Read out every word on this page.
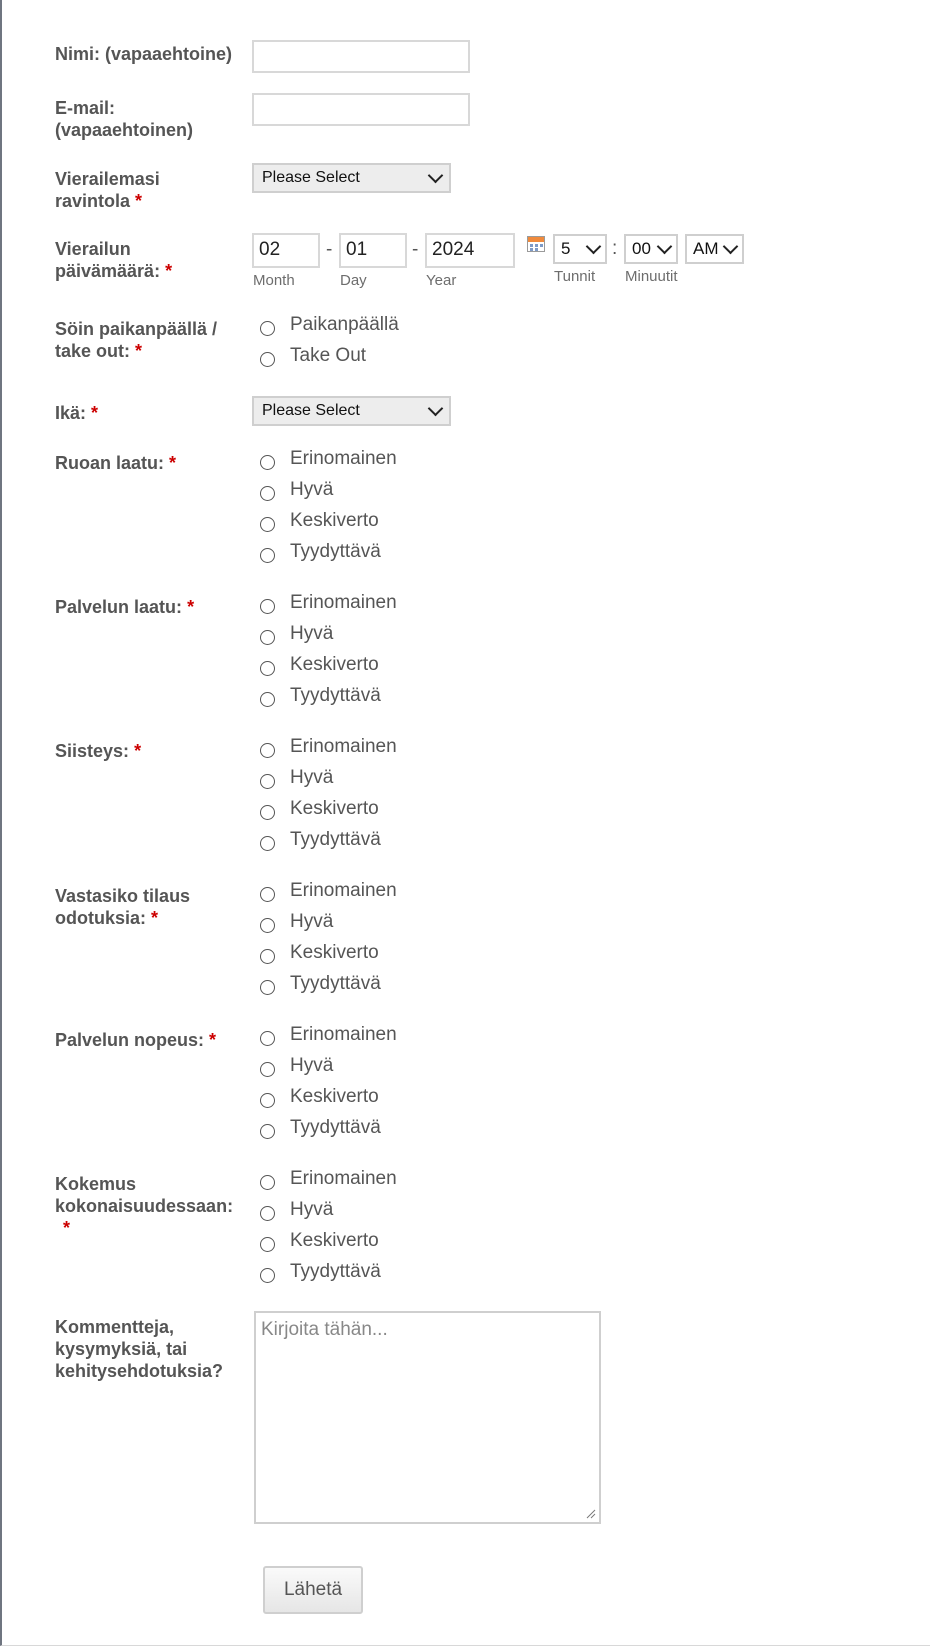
Nimi: (vapaaehtoine)
E-mail: (vapaaehtoinen)
Vierailemasi ravintola *
Please Select
Vierailun päivämäärä: *
02	- 01	- 2024
Month	Day	Year
5 : 00 AM
Tunnit Minuutit
Söin paikanpäällä / take out: *
Paikanpäällä
Take Out
Ikä: *	Please Select
Ruoan laatu: *	Erinomainen
Hyvä
Keskiverto
Tyydyttävä
Palvelun laatu: *	Erinomainen
Hyvä
Keskiverto
Tyydyttävä
Siisteys: *	Erinomainen
Hyvä
Keskiverto
Tyydyttävä
Vastasiko tilaus odotuksia: *
Erinomainen
Hyvä
Keskiverto
Tyydyttävä
Palvelun nopeus: *	Erinomainen
Hyvä
Keskiverto
Tyydyttävä
Kokemus kokonaisuudessaan:
*
Erinomainen
Hyvä
Keskiverto
Tyydyttävä
Kommentteja, kysymyksiä, tai kehitysehdotuksia?
Kirjoita tähän...
Lähetä
